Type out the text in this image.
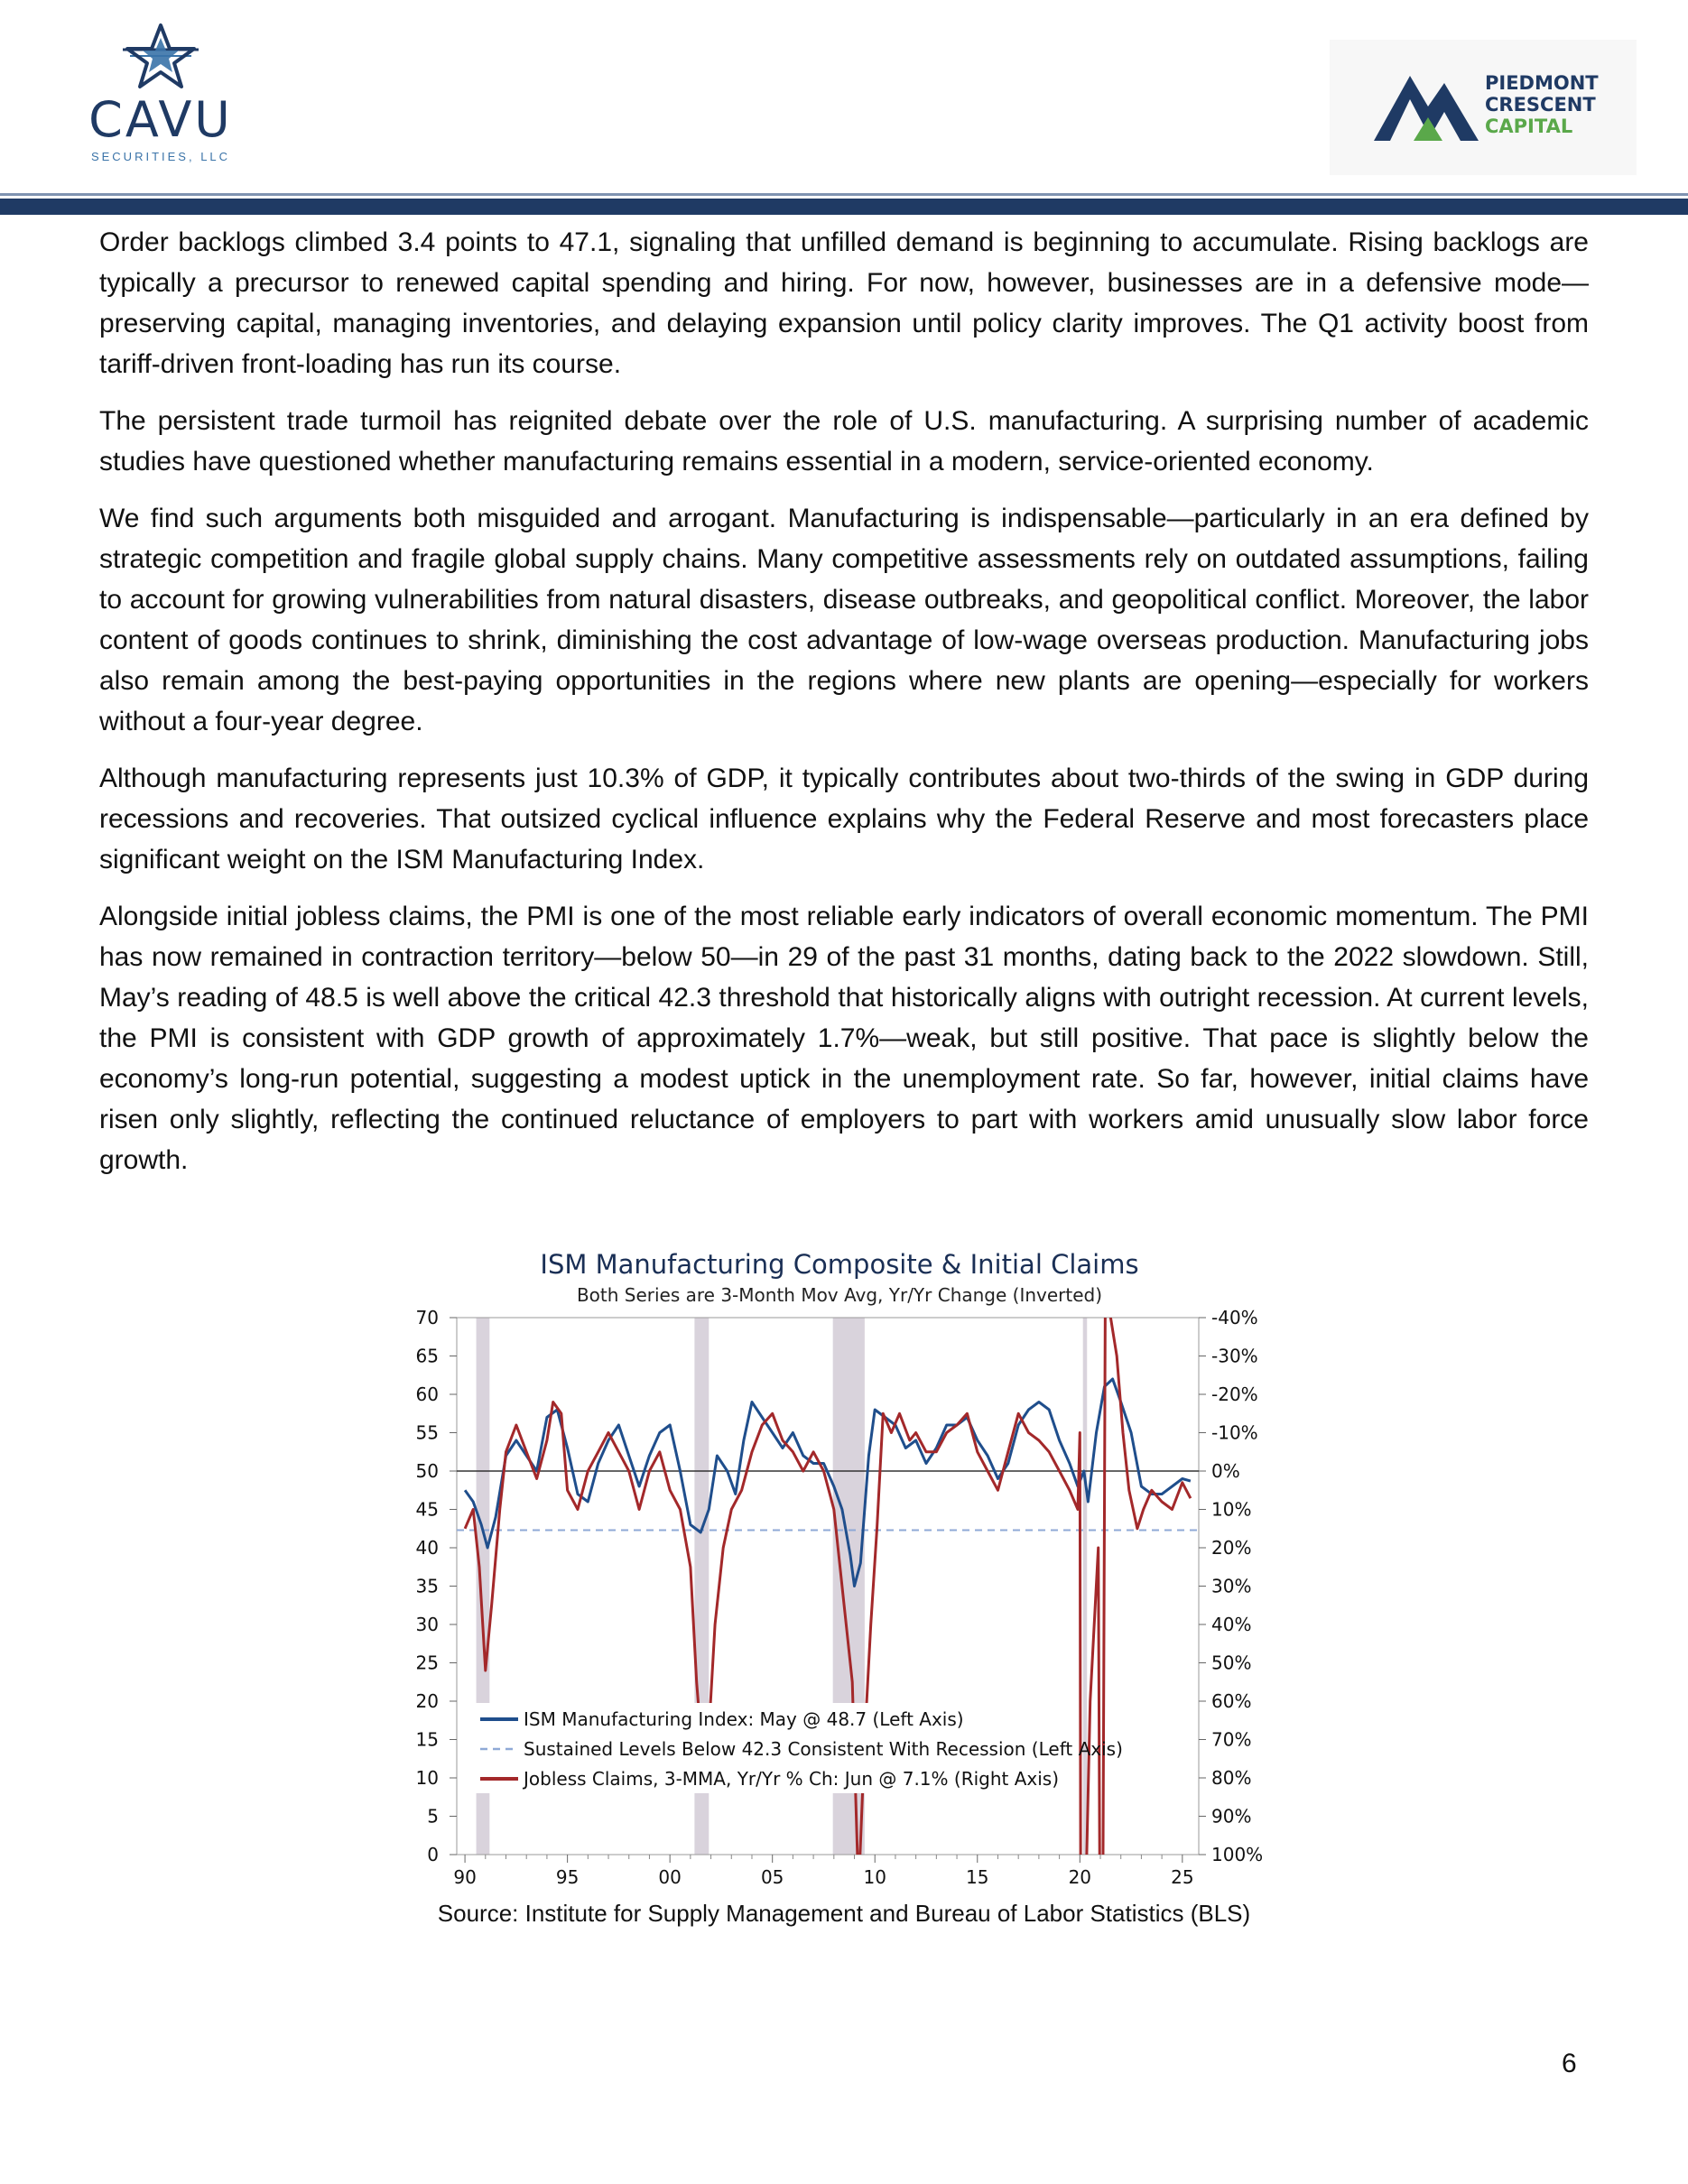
CAVU
SECURITIES, LLC
PIEDMONT
CRESCENT
CAPITAL

Order backlogs climbed 3.4 points to 47.1, signaling that unfilled demand is beginning to accumulate. Rising backlogs are typically a precursor to renewed capital spending and hiring. For now, however, businesses are in a defensive mode—preserving capital, managing inventories, and delaying expansion until policy clarity improves. The Q1 activity boost from tariff-driven front-loading has run its course.

The persistent trade turmoil has reignited debate over the role of U.S. manufacturing. A surprising number of academic studies have questioned whether manufacturing remains essential in a modern, service-oriented economy.

We find such arguments both misguided and arrogant. Manufacturing is indispensable—particularly in an era defined by strategic competition and fragile global supply chains. Many competitive assessments rely on outdated assumptions, failing to account for growing vulnerabilities from natural disasters, disease outbreaks, and geopolitical conflict. Moreover, the labor content of goods continues to shrink, diminishing the cost advantage of low-wage overseas production. Manufacturing jobs also remain among the best-paying opportunities in the regions where new plants are opening—especially for workers without a four-year degree.

Although manufacturing represents just 10.3% of GDP, it typically contributes about two-thirds of the swing in GDP during recessions and recoveries. That outsized cyclical influence explains why the Federal Reserve and most forecasters place significant weight on the ISM Manufacturing Index.

Alongside initial jobless claims, the PMI is one of the most reliable early indicators of overall economic momentum. The PMI has now remained in contraction territory—below 50—in 29 of the past 31 months, dating back to the 2022 slowdown. Still, May’s reading of 48.5 is well above the critical 42.3 threshold that historically aligns with outright recession. At current levels, the PMI is consistent with GDP growth of approximately 1.7%—weak, but still positive. That pace is slightly below the economy’s long-run potential, suggesting a modest uptick in the unemployment rate. So far, however, initial claims have risen only slightly, reflecting the continued reluctance of employers to part with workers amid unusually slow labor force growth.

ISM Manufacturing Composite & Initial Claims
Both Series are 3-Month Mov Avg, Yr/Yr Change (Inverted)
0
5
10
15
20
25
30
35
40
45
50
55
60
65
70	-40%
-30%
-20%
-10%
0%
10%
20%
30%
40%
50%
60%
70%
80%
90%
100%
90	95	00	05	10	15	20	25
ISM Manufacturing Index: May @ 48.7 (Left Axis)
Sustained Levels Below 42.3 Consistent With Recession (Left Axis)
Jobless Claims, 3-MMA, Yr/Yr % Ch: Jun @ 7.1% (Right Axis)
Source: Institute for Supply Management and Bureau of Labor Statistics (BLS)
6
